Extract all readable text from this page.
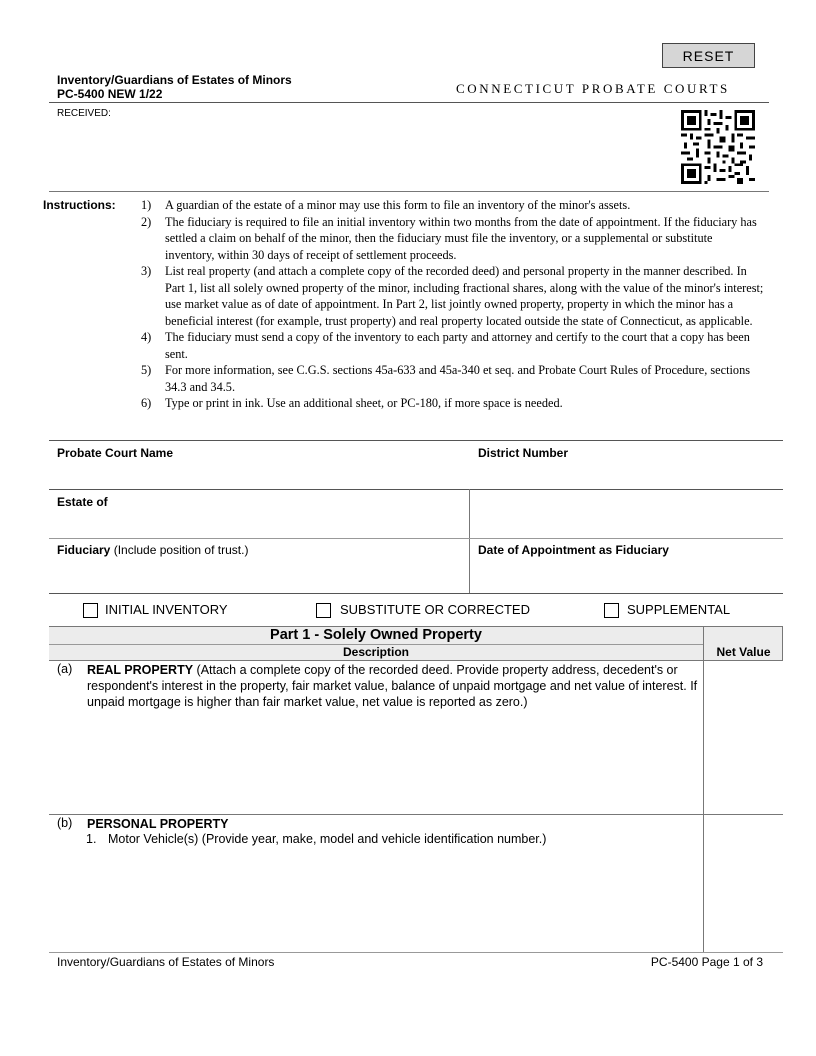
RESET
Inventory/Guardians of Estates of Minors
PC-5400 NEW 1/22	CONNECTICUT PROBATE COURTS
RECEIVED:
Instructions: 1) A guardian of the estate of a minor may use this form to file an inventory of the minor's assets.
2) The fiduciary is required to file an initial inventory within two months from the date of appointment. If the fiduciary has settled a claim on behalf of the minor, then the fiduciary must file the inventory, or a supplemental or substitute inventory, within 30 days of receipt of settlement proceeds.
3) List real property (and attach a complete copy of the recorded deed) and personal property in the manner described. In Part 1, list all solely owned property of the minor, including fractional shares, along with the value of the minor's interest; use market value as of date of appointment. In Part 2, list jointly owned property, property in which the minor has a beneficial interest (for example, trust property) and real property located outside the state of Connecticut, as applicable.
4) The fiduciary must send a copy of the inventory to each party and attorney and certify to the court that a copy has been sent.
5) For more information, see C.G.S. sections 45a-633 and 45a-340 et seq. and Probate Court Rules of Procedure, sections 34.3 and 34.5.
6) Type or print in ink. Use an additional sheet, or PC-180, if more space is needed.
Probate Court Name	District Number
Estate of
Fiduciary (Include position of trust.)	Date of Appointment as Fiduciary
INITIAL INVENTORY	SUBSTITUTE OR CORRECTED	SUPPLEMENTAL
Part 1 - Solely Owned Property
Description	Net Value
(a) REAL PROPERTY (Attach a complete copy of the recorded deed. Provide property address, decedent's or respondent's interest in the property, fair market value, balance of unpaid mortgage and net value of interest. If unpaid mortgage is higher than fair market value, net value is reported as zero.)
(b) PERSONAL PROPERTY
1. Motor Vehicle(s) (Provide year, make, model and vehicle identification number.)
Inventory/Guardians of Estates of Minors	PC-5400 Page 1 of 3
